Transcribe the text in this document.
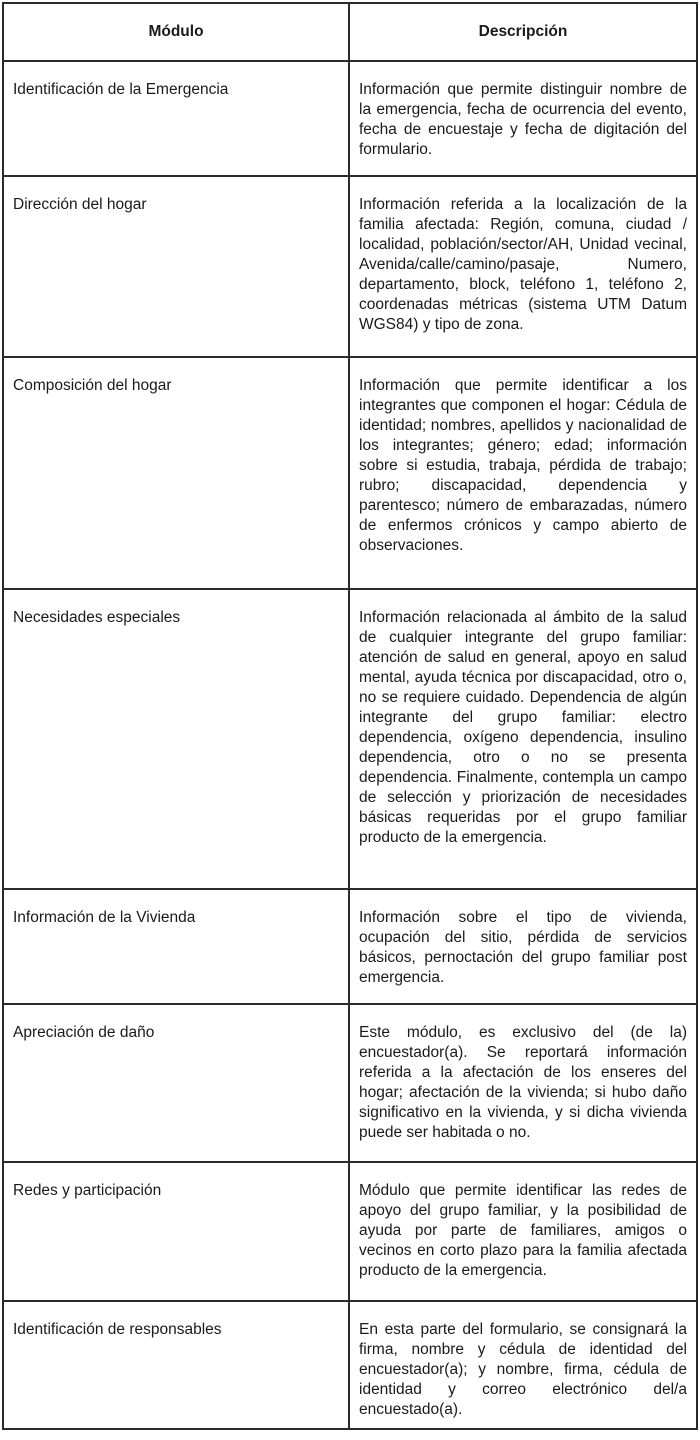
Módulo	Descripción
Identificación de la Emergencia	Información que permite distinguir nombre de la emergencia, fecha de ocurrencia del evento, fecha de encuestaje y fecha de digitación del formulario.
Dirección del hogar	Información referida a la localización de la familia afectada: Región, comuna, ciudad / localidad, población/sector/AH, Unidad vecinal, Avenida/calle/camino/pasaje, Numero, departamento, block, teléfono 1, teléfono 2, coordenadas métricas (sistema UTM Datum WGS84) y tipo de zona.
Composición del hogar	Información que permite identificar a los integrantes que componen el hogar: Cédula de identidad; nombres, apellidos y nacionalidad de los integrantes; género; edad; información sobre si estudia, trabaja, pérdida de trabajo; rubro; discapacidad, dependencia y parentesco; número de embarazadas, número de enfermos crónicos y campo abierto de observaciones.
Necesidades especiales	Información relacionada al ámbito de la salud de cualquier integrante del grupo familiar: atención de salud en general, apoyo en salud mental, ayuda técnica por discapacidad, otro o, no se requiere cuidado. Dependencia de algún integrante del grupo familiar: electro dependencia, oxígeno dependencia, insulino dependencia, otro o no se presenta dependencia. Finalmente, contempla un campo de selección y priorización de necesidades básicas requeridas por el grupo familiar producto de la emergencia.
Información de la Vivienda	Información sobre el tipo de vivienda, ocupación del sitio, pérdida de servicios básicos, pernoctación del grupo familiar post emergencia.
Apreciación de daño	Este módulo, es exclusivo del (de la) encuestador(a). Se reportará información referida a la afectación de los enseres del hogar; afectación de la vivienda; si hubo daño significativo en la vivienda, y si dicha vivienda puede ser habitada o no.
Redes y participación	Módulo que permite identificar las redes de apoyo del grupo familiar, y la posibilidad de ayuda por parte de familiares, amigos o vecinos en corto plazo para la familia afectada producto de la emergencia.
Identificación de responsables	En esta parte del formulario, se consignará la firma, nombre y cédula de identidad del encuestador(a); y nombre, firma, cédula de identidad y correo electrónico del/a encuestado(a).
